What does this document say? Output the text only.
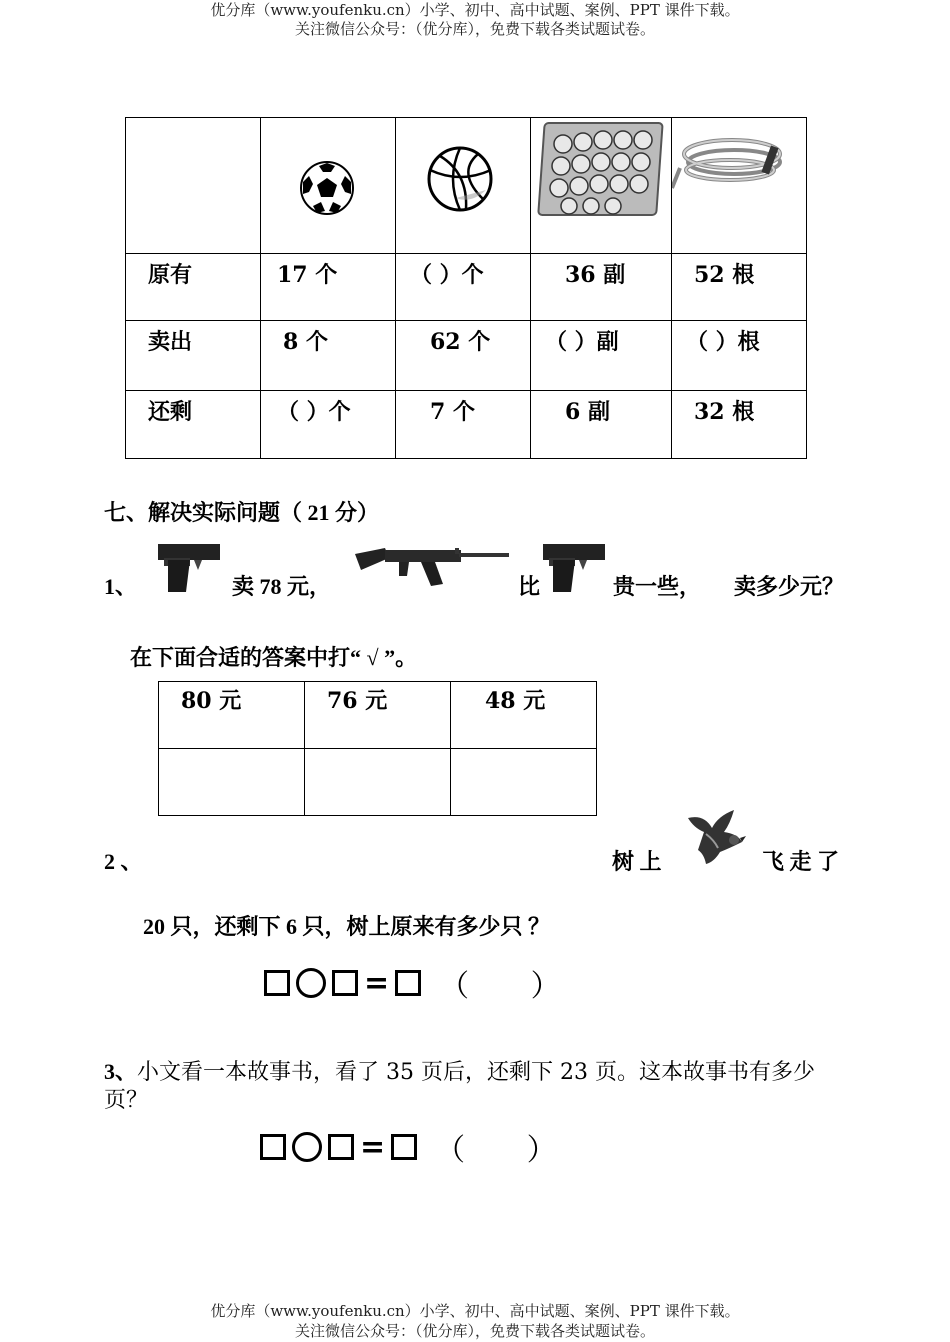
优分库（www.youfenku.cn）小学、初中、高中试题、案例、PPT 课件下载。
关注微信公众号：（优分库），免费下载各类试题试卷。

原有	17 个	（ ）个	36 副	52 根

卖出	8 个	62 个	（ ）副	（ ）根

还剩	（ ）个	7 个	6 副	32 根
七、解决实际问题（ 21 分）
1、	卖 78 元，	比	贵一些， 卖多少元？
在下面合适的答案中打“ √ ”。
80 元	76 元	48 元

2 、	树 上	飞 走 了
20 只，还剩下 6 只，树上原来有多少只 ？
= （ ）
3、小文看一本故事书，看了 35 页后，还剩下 23 页。这本故事书有多少页？
= （ ）
优分库（www.youfenku.cn）小学、初中、高中试题、案例、PPT 课件下载。
关注微信公众号：（优分库），免费下载各类试题试卷。
